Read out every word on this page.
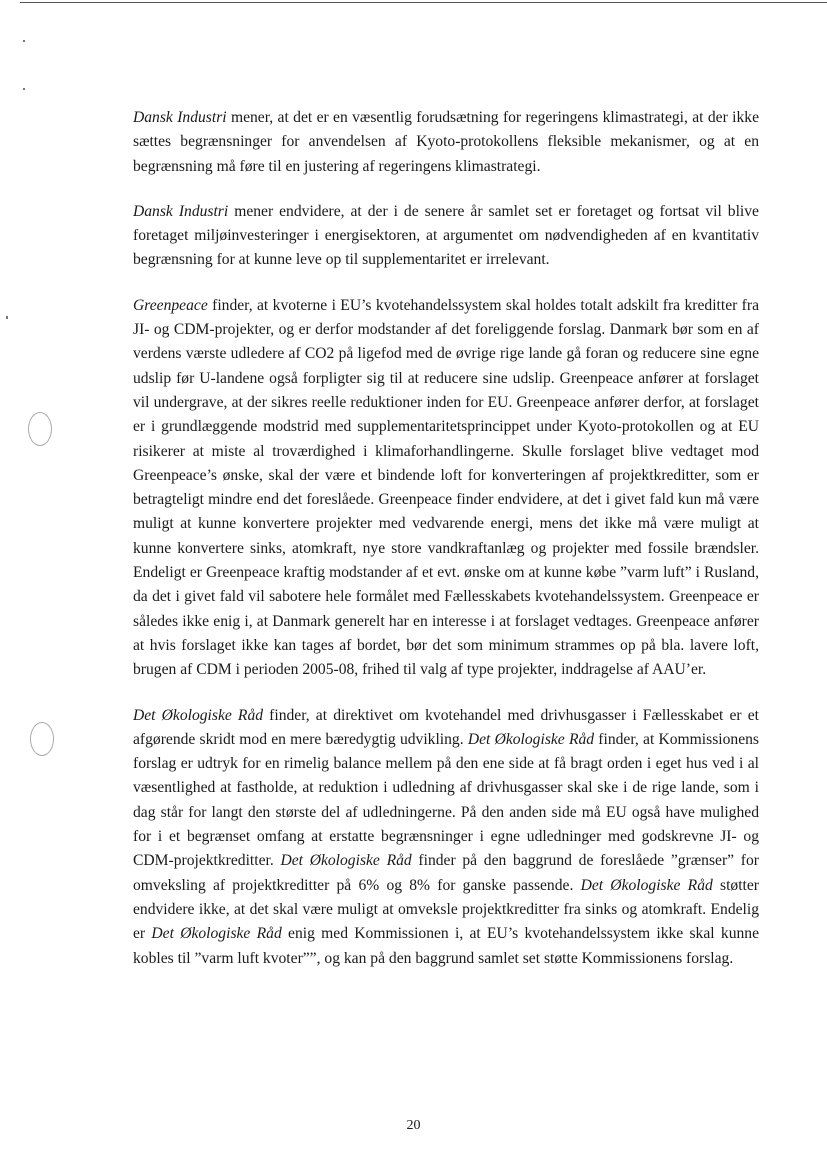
Dansk Industri mener, at det er en væsentlig forudsætning for regeringens klimastrategi, at der ikke sættes begrænsninger for anvendelsen af Kyoto-protokollens fleksible mekanismer, og at en begrænsning må føre til en justering af regeringens klimastrategi.

Dansk Industri mener endvidere, at der i de senere år samlet set er foretaget og fortsat vil blive foretaget miljøinvesteringer i energisektoren, at argumentet om nødvendigheden af en kvantitativ begrænsning for at kunne leve op til supplementaritet er irrelevant.

Greenpeace finder, at kvoterne i EU’s kvotehandelssystem skal holdes totalt adskilt fra kreditter fra JI- og CDM-projekter, og er derfor modstander af det foreliggende forslag. Danmark bør som en af verdens værste udledere af CO2 på ligefod med de øvrige rige lande gå foran og reducere sine egne udslip før U-landene også forpligter sig til at reducere sine udslip. Greenpeace anfører at forslaget vil undergrave, at der sikres reelle reduktioner inden for EU. Greenpeace anfører derfor, at forslaget er i grundlæggende modstrid med supplementaritetsprincippet under Kyoto-protokollen og at EU risikerer at miste al troværdighed i klimaforhandlingerne. Skulle forslaget blive vedtaget mod Greenpeace’s ønske, skal der være et bindende loft for konverteringen af projektkreditter, som er betragteligt mindre end det foreslåede. Greenpeace finder endvidere, at det i givet fald kun må være muligt at kunne konvertere projekter med vedvarende energi, mens det ikke må være muligt at kunne konvertere sinks, atomkraft, nye store vandkraftanlæg og projekter med fossile brændsler. Endeligt er Greenpeace kraftig modstander af et evt. ønske om at kunne købe ”varm luft” i Rusland, da det i givet fald vil sabotere hele formålet med Fællesskabets kvotehandelssystem. Greenpeace er således ikke enig i, at Danmark generelt har en interesse i at forslaget vedtages. Greenpeace anfører at hvis forslaget ikke kan tages af bordet, bør det som minimum strammes op på bla. lavere loft, brugen af CDM i perioden 2005-08, frihed til valg af type projekter, inddragelse af AAU’er.

Det Økologiske Råd finder, at direktivet om kvotehandel med drivhusgasser i Fællesskabet er et afgørende skridt mod en mere bæredygtig udvikling. Det Økologiske Råd finder, at Kommissionens forslag er udtryk for en rimelig balance mellem på den ene side at få bragt orden i eget hus ved i al væsentlighed at fastholde, at reduktion i udledning af drivhusgasser skal ske i de rige lande, som i dag står for langt den største del af udledningerne. På den anden side må EU også have mulighed for i et begrænset omfang at erstatte begrænsninger i egne udledninger med godskrevne JI- og CDM-projektkreditter. Det Økologiske Råd finder på den baggrund de foreslåede ”grænser” for omveksling af projektkreditter på 6% og 8% for ganske passende. Det Økologiske Råd støtter endvidere ikke, at det skal være muligt at omveksle projektkreditter fra sinks og atomkraft. Endelig er Det Økologiske Råd enig med Kommissionen i, at EU’s kvotehandelssystem ikke skal kunne kobles til ”varm luft kvoter””, og kan på den baggrund samlet set støtte Kommissionens forslag.

20
